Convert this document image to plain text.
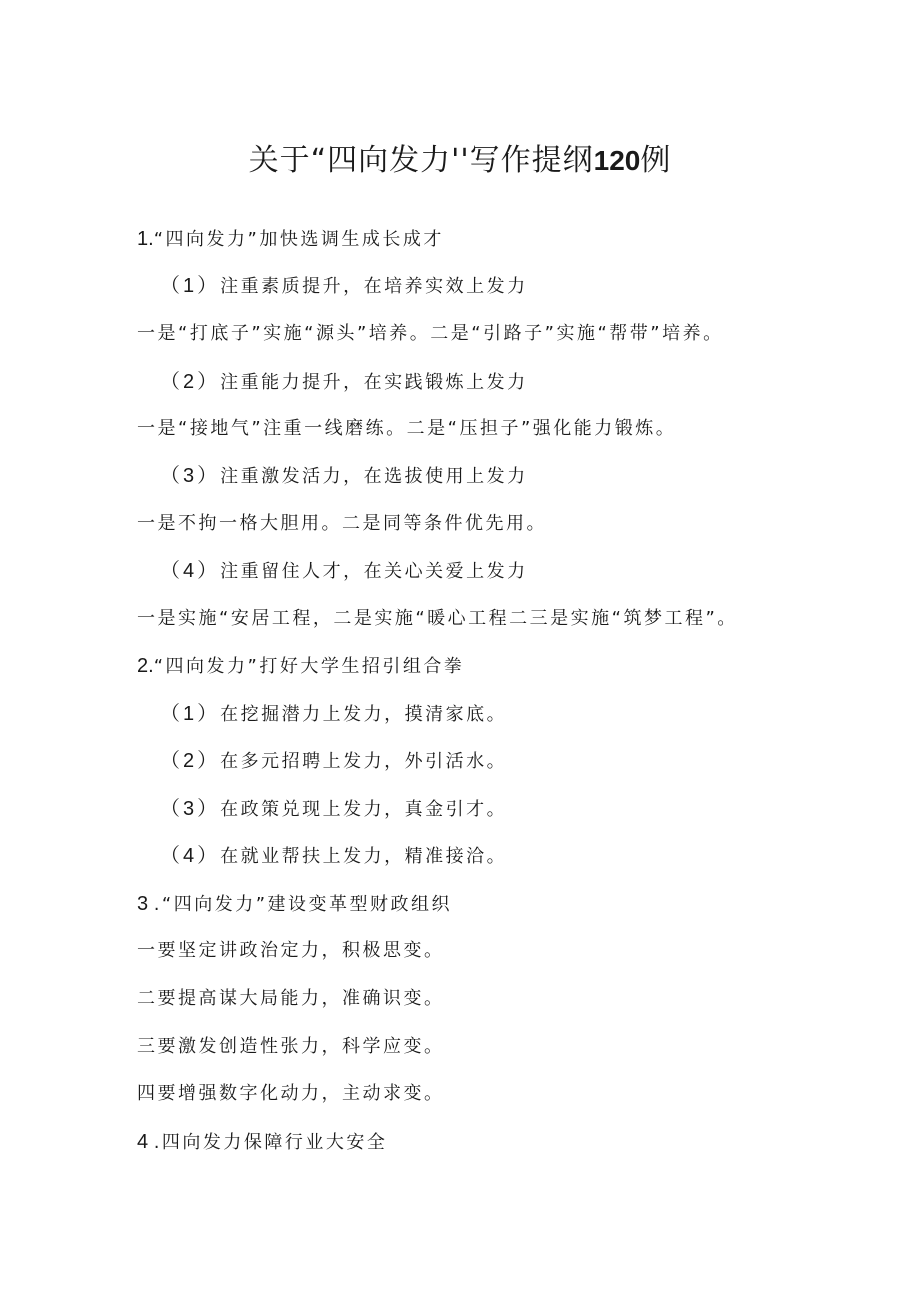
关于“四向发力''写作提纲120例

1.“四向发力”加快选调生成长成才

（1）注重素质提升，在培养实效上发力

一是“打底子”实施“源头”培养。二是“引路子”实施“帮带”培养。

（2）注重能力提升，在实践锻炼上发力

一是“接地气”注重一线磨练。二是“压担子”强化能力锻炼。

（3）注重激发活力，在选拔使用上发力

一是不拘一格大胆用。二是同等条件优先用。

（4）注重留住人才，在关心关爱上发力

一是实施“安居工程，二是实施“暖心工程二三是实施“筑梦工程”。

2.“四向发力”打好大学生招引组合拳

（1）在挖掘潜力上发力，摸清家底。

（2）在多元招聘上发力，外引活水。

（3）在政策兑现上发力，真金引才。

（4）在就业帮扶上发力，精准接洽。

3 .“四向发力”建设变革型财政组织

一要坚定讲政治定力，积极思变。

二要提高谋大局能力，准确识变。

三要激发创造性张力，科学应变。

四要增强数字化动力，主动求变。

4 .四向发力保障行业大安全
